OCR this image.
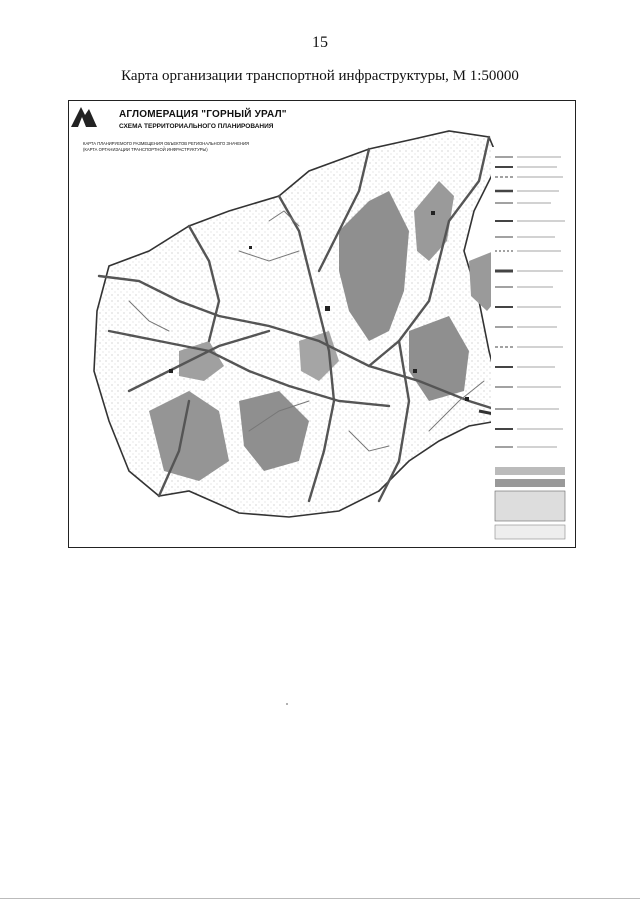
15
Карта организации транспортной инфраструктуры, М 1:50000
АГЛОМЕРАЦИЯ "ГОРНЫЙ УРАЛ"
СХЕМА ТЕРРИТОРИАЛЬНОГО ПЛАНИРОВАНИЯ
КАРТА ПЛАНИРУЕМОГО РАЗМЕЩЕНИЯ ОБЪЕКТОВ РЕГИОНАЛЬНОГО ЗНАЧЕНИЯ
(КАРТА ОРГАНИЗАЦИИ ТРАНСПОРТНОЙ ИНФРАСТРУКТУРЫ)
